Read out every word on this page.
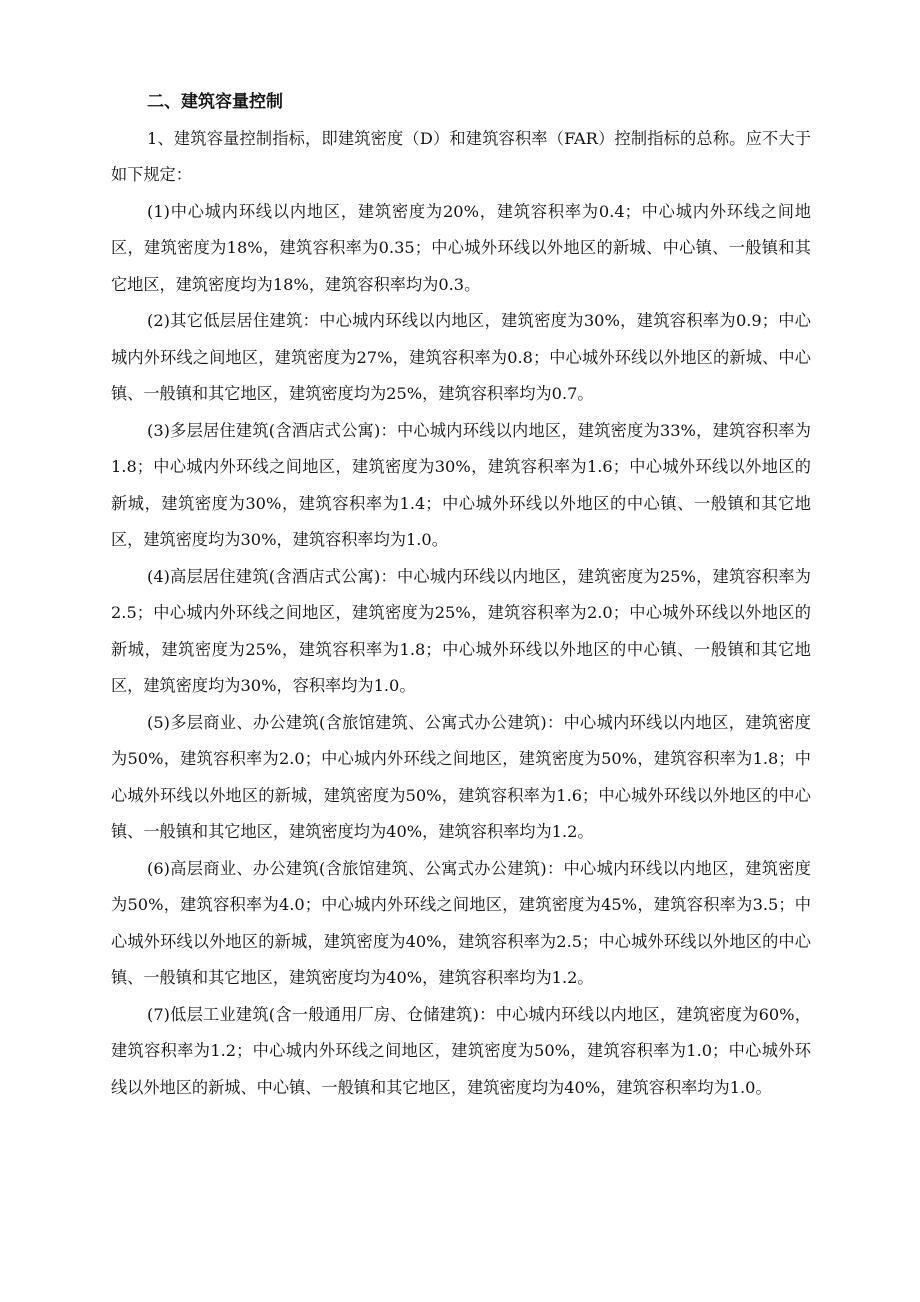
二、建筑容量控制

1、建筑容量控制指标，即建筑密度（D）和建筑容积率（FAR）控制指标的总称。应不大于如下规定：

(1)中心城内环线以内地区，建筑密度为20%，建筑容积率为0.4；中心城内外环线之间地区，建筑密度为18%，建筑容积率为0.35；中心城外环线以外地区的新城、中心镇、一般镇和其它地区，建筑密度均为18%，建筑容积率均为0.3。

(2)其它低层居住建筑：中心城内环线以内地区，建筑密度为30%，建筑容积率为0.9；中心城内外环线之间地区，建筑密度为27%，建筑容积率为0.8；中心城外环线以外地区的新城、中心镇、一般镇和其它地区，建筑密度均为25%，建筑容积率均为0.7。

(3)多层居住建筑(含酒店式公寓)：中心城内环线以内地区，建筑密度为33%，建筑容积率为1.8；中心城内外环线之间地区，建筑密度为30%，建筑容积率为1.6；中心城外环线以外地区的新城，建筑密度为30%，建筑容积率为1.4；中心城外环线以外地区的中心镇、一般镇和其它地区，建筑密度均为30%，建筑容积率均为1.0。

(4)高层居住建筑(含酒店式公寓)：中心城内环线以内地区，建筑密度为25%，建筑容积率为2.5；中心城内外环线之间地区，建筑密度为25%，建筑容积率为2.0；中心城外环线以外地区的新城，建筑密度为25%，建筑容积率为1.8；中心城外环线以外地区的中心镇、一般镇和其它地区，建筑密度均为30%，容积率均为1.0。

(5)多层商业、办公建筑(含旅馆建筑、公寓式办公建筑)：中心城内环线以内地区，建筑密度为50%，建筑容积率为2.0；中心城内外环线之间地区，建筑密度为50%，建筑容积率为1.8；中心城外环线以外地区的新城，建筑密度为50%，建筑容积率为1.6；中心城外环线以外地区的中心镇、一般镇和其它地区，建筑密度均为40%，建筑容积率均为1.2。

(6)高层商业、办公建筑(含旅馆建筑、公寓式办公建筑)：中心城内环线以内地区，建筑密度为50%，建筑容积率为4.0；中心城内外环线之间地区，建筑密度为45%，建筑容积率为3.5；中心城外环线以外地区的新城，建筑密度为40%，建筑容积率为2.5；中心城外环线以外地区的中心镇、一般镇和其它地区，建筑密度均为40%，建筑容积率均为1.2。

(7)低层工业建筑(含一般通用厂房、仓储建筑)：中心城内环线以内地区，建筑密度为60%，建筑容积率为1.2；中心城内外环线之间地区，建筑密度为50%，建筑容积率为1.0；中心城外环线以外地区的新城、中心镇、一般镇和其它地区，建筑密度均为40%，建筑容积率均为1.0。
